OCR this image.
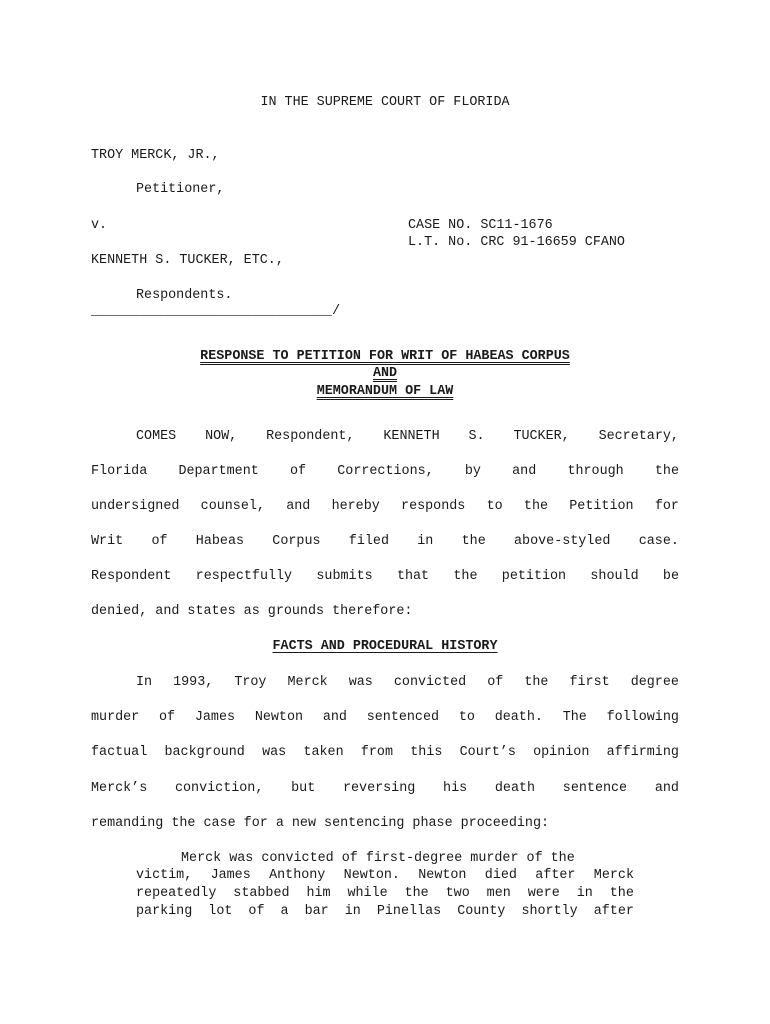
IN THE SUPREME COURT OF FLORIDA
TROY MERCK, JR.,
Petitioner,
v.	CASE NO. SC11-1676
L.T. No. CRC 91-16659 CFANO
KENNETH S. TUCKER, ETC.,
Respondents.
______________________________/
RESPONSE TO PETITION FOR WRIT OF HABEAS CORPUS
AND
MEMORANDUM OF LAW
COMES NOW, Respondent, KENNETH S. TUCKER, Secretary,
Florida Department of Corrections, by and through the
undersigned counsel, and hereby responds to the Petition for
Writ of Habeas Corpus filed in the above-styled case.
Respondent respectfully submits that the petition should be
denied, and states as grounds therefore:
FACTS AND PROCEDURAL HISTORY
In 1993, Troy Merck was convicted of the first degree
murder of James Newton and sentenced to death. The following
factual background was taken from this Court’s opinion affirming
Merck’s conviction, but reversing his death sentence and
remanding the case for a new sentencing phase proceeding:
Merck was convicted of first-degree murder of the
victim, James Anthony Newton. Newton died after Merck
repeatedly stabbed him while the two men were in the
parking lot of a bar in Pinellas County shortly after
